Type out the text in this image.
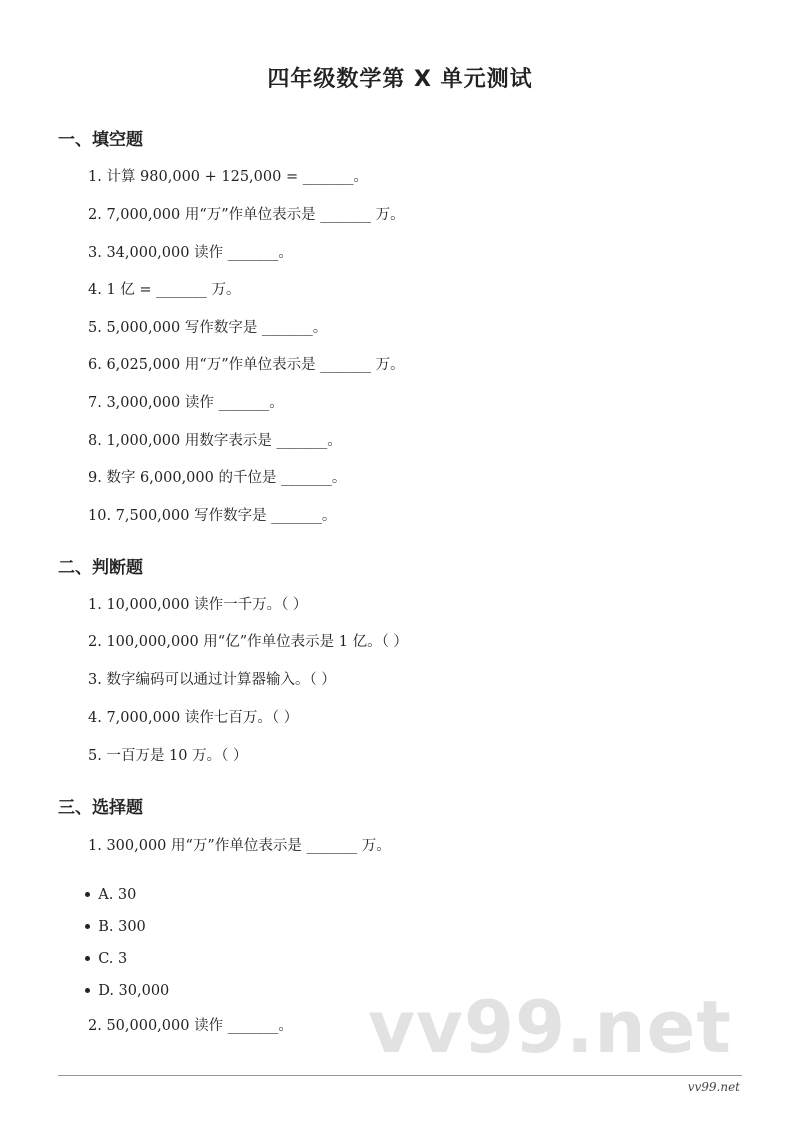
四年级数学第 X 单元测试
一、填空题
1. 计算 980,000 + 125,000 = _______。
2. 7,000,000 用“万”作单位表示是 _______ 万。
3. 34,000,000 读作 _______。
4. 1 亿 = _______ 万。
5. 5,000,000 写作数字是 _______。
6. 6,025,000 用“万”作单位表示是 _______ 万。
7. 3,000,000 读作 _______。
8. 1,000,000 用数字表示是 _______。
9. 数字 6,000,000 的千位是 _______。
10. 7,500,000 写作数字是 _______。
二、判断题
1. 10,000,000 读作一千万。（ ）
2. 100,000,000 用“亿”作单位表示是 1 亿。（ ）
3. 数字编码可以通过计算器输入。（ ）
4. 7,000,000 读作七百万。（ ）
5. 一百万是 10 万。（ ）
三、选择题
1. 300,000 用“万”作单位表示是 _______ 万。

A. 30

B. 300

C. 3

D. 30,000

2. 50,000,000 读作 _______。 vv99.net
vv99.net
